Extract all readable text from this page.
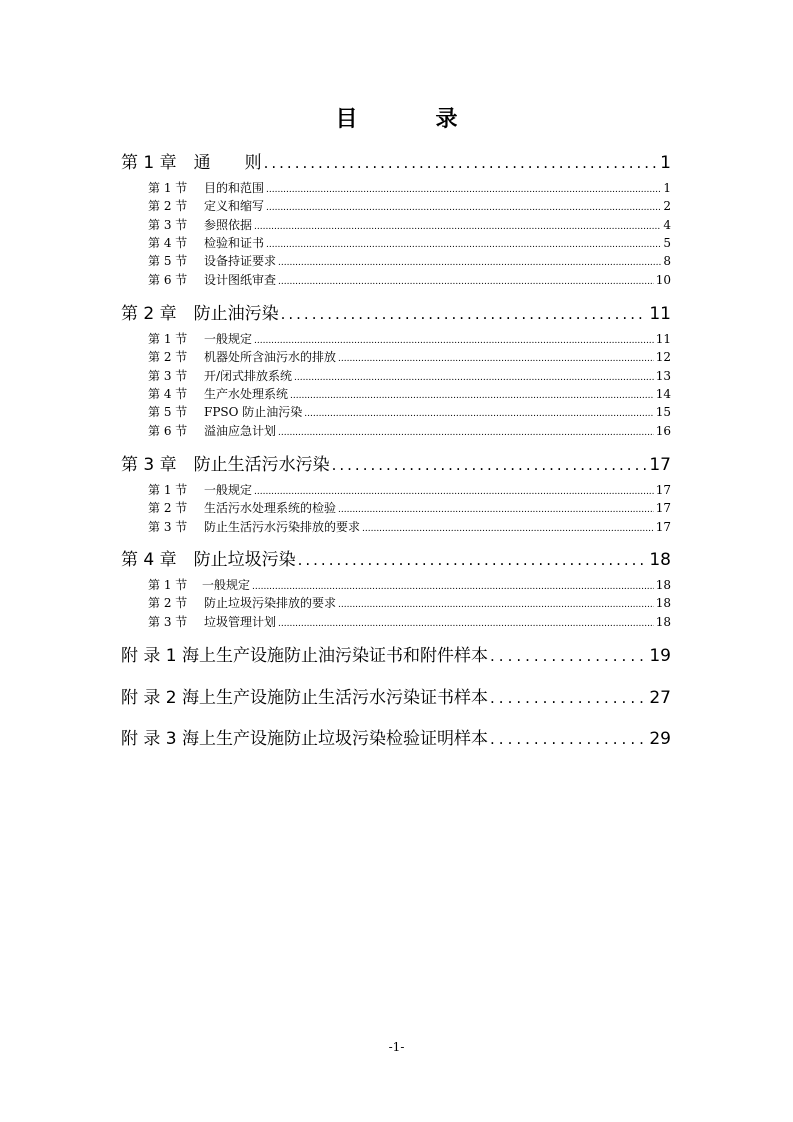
目　录
第 1 章　通　　则 .....	1
第 1 节 目的和范围 .....	1
第 2 节 定义和缩写 .....	2
第 3 节 参照依据 .....	4
第 4 节 检验和证书 .....	5
第 5 节 设备持证要求 .....	8
第 6 节 设计图纸审查 .....	10
第 2 章　防止油污染 .....	11
第 1 节 一般规定 .....	11
第 2 节 机器处所含油污水的排放 .....	12
第 3 节 开/闭式排放系统 .....	13
第 4 节 生产水处理系统 .....	14
第 5 节 FPSO 防止油污染 .....	15
第 6 节 溢油应急计划 .....	16
第 3 章　防止生活污水污染 .....	17
第 1 节 一般规定 .....	17
第 2 节 生活污水处理系统的检验 .....	17
第 3 节 防止生活污水污染排放的要求 .....	17
第 4 章　防止垃圾污染 .....	18
第 1 节 一般规定 .....	18
第 2 节 防止垃圾污染排放的要求 .....	18
第 3 节 垃圾管理计划 .....	18
附 录 1 海上生产设施防止油污染证书和附件样本 .....	19
附 录 2 海上生产设施防止生活污水污染证书样本 .....	27
附 录 3 海上生产设施防止垃圾污染检验证明样本 .....	29
-1-
